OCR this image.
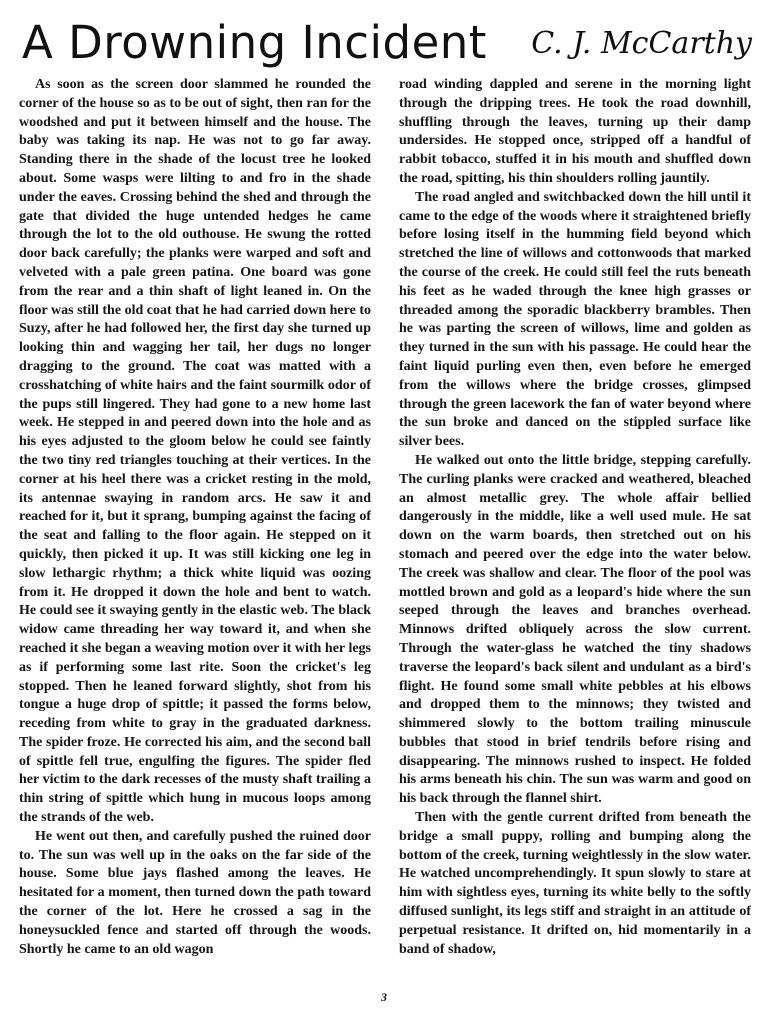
A Drowning Incident C. J. McCarthy

As soon as the screen door slammed he rounded the corner of the house so as to be out of sight, then ran for the woodshed and put it between himself and the house. The baby was taking its nap. He was not to go far away. Standing there in the shade of the locust tree he looked about. Some wasps were lilting to and fro in the shade under the eaves. Crossing behind the shed and through the gate that divided the huge untended hedges he came through the lot to the old outhouse. He swung the rotted door back carefully; the planks were warped and soft and velveted with a pale green patina. One board was gone from the rear and a thin shaft of light leaned in. On the floor was still the old coat that he had carried down here to Suzy, after he had followed her, the first day she turned up looking thin and wagging her tail, her dugs no longer dragging to the ground. The coat was matted with a crosshatching of white hairs and the faint sourmilk odor of the pups still lingered. They had gone to a new home last week. He stepped in and peered down into the hole and as his eyes adjusted to the gloom below he could see faintly the two tiny red triangles touching at their vertices. In the corner at his heel there was a cricket resting in the mold, its antennae swaying in random arcs. He saw it and reached for it, but it sprang, bumping against the facing of the seat and falling to the floor again. He stepped on it quickly, then picked it up. It was still kicking one leg in slow lethargic rhythm; a thick white liquid was oozing from it. He dropped it down the hole and bent to watch. He could see it swaying gently in the elastic web. The black widow came threading her way toward it, and when she reached it she began a weaving motion over it with her legs as if performing some last rite. Soon the cricket's leg stopped. Then he leaned forward slightly, shot from his tongue a huge drop of spittle; it passed the forms below, receding from white to gray in the graduated darkness. The spider froze. He corrected his aim, and the second ball of spittle fell true, engulfing the figures. The spider fled her victim to the dark recesses of the musty shaft trailing a thin string of spittle which hung in mucous loops among the strands of the web.

He went out then, and carefully pushed the ruined door to. The sun was well up in the oaks on the far side of the house. Some blue jays flashed among the leaves. He hesitated for a moment, then turned down the path toward the corner of the lot. Here he crossed a sag in the honeysuckled fence and started off through the woods. Shortly he came to an old wagon

road winding dappled and serene in the morning light through the dripping trees. He took the road downhill, shuffling through the leaves, turning up their damp undersides. He stopped once, stripped off a handful of rabbit tobacco, stuffed it in his mouth and shuffled down the road, spitting, his thin shoulders rolling jauntily.

The road angled and switchbacked down the hill until it came to the edge of the woods where it straightened briefly before losing itself in the humming field beyond which stretched the line of willows and cottonwoods that marked the course of the creek. He could still feel the ruts beneath his feet as he waded through the knee high grasses or threaded among the sporadic blackberry brambles. Then he was parting the screen of willows, lime and golden as they turned in the sun with his passage. He could hear the faint liquid purling even then, even before he emerged from the willows where the bridge crosses, glimpsed through the green lacework the fan of water beyond where the sun broke and danced on the stippled surface like silver bees.

He walked out onto the little bridge, stepping carefully. The curling planks were cracked and weathered, bleached an almost metallic grey. The whole affair bellied dangerously in the middle, like a well used mule. He sat down on the warm boards, then stretched out on his stomach and peered over the edge into the water below. The creek was shallow and clear. The floor of the pool was mottled brown and gold as a leopard's hide where the sun seeped through the leaves and branches overhead. Minnows drifted obliquely across the slow current. Through the water-glass he watched the tiny shadows traverse the leopard's back silent and undulant as a bird's flight. He found some small white pebbles at his elbows and dropped them to the minnows; they twisted and shimmered slowly to the bottom trailing minuscule bubbles that stood in brief tendrils before rising and disappearing. The minnows rushed to inspect. He folded his arms beneath his chin. The sun was warm and good on his back through the flannel shirt.

Then with the gentle current drifted from beneath the bridge a small puppy, rolling and bumping along the bottom of the creek, turning weightlessly in the slow water. He watched uncomprehendingly. It spun slowly to stare at him with sightless eyes, turning its white belly to the softly diffused sunlight, its legs stiff and straight in an attitude of perpetual resistance. It drifted on, hid momentarily in a band of shadow,

3
